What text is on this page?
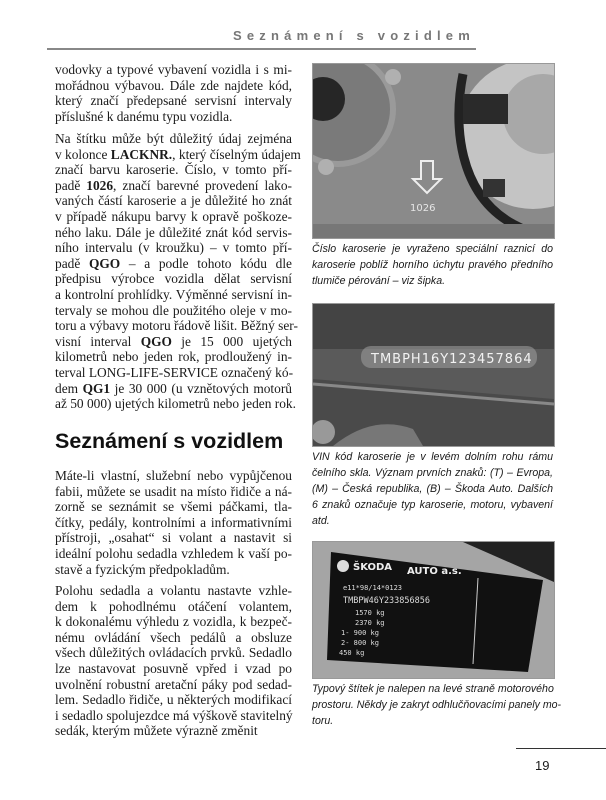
Seznámení s vozidlem
vodovky a typové vybavení vozidla i s mi-
mořádnou výbavou. Dále zde najdete kód,
který značí předepsané servisní intervaly
příslušné k danému typu vozidla.
Na štítku může být důležitý údaj zejména
v kolonce LACKNR., který číselným údajem
značí barvu karoserie. Číslo, v tomto pří-
padě 1026, značí barevné provedení lako-
vaných částí karoserie a je důležité ho znát
v případě nákupu barvy k opravě poškoze-
ného laku. Dále je důležité znát kód servis-
ního intervalu (v kroužku) – v tomto pří-
padě QGO – a podle tohoto kódu dle
předpisu výrobce vozidla dělat servisní
a kontrolní prohlídky. Výměnné servisní in-
tervaly se mohou dle použitého oleje v mo-
toru a výbavy motoru řádově lišit. Běžný ser-
visní interval QGO je 15 000 ujetých
kilometrů nebo jeden rok, prodloužený in-
terval LONG-LIFE-SERVICE označený kó-
dem QG1 je 30 000 (u vznětových motorů
až 50 000) ujetých kilometrů nebo jeden rok.
Seznámení s vozidlem
Máte-li vlastní, služební nebo vypůjčenou
fabii, můžete se usadit na místo řidiče a ná-
zorně se seznámit se všemi páčkami, tla-
čítky, pedály, kontrolními a informativními
přístroji, „osahat“ si volant a nastavit si
ideální polohu sedadla vzhledem k vaší po-
stavě a fyzickým předpokladům.
Polohu sedadla a volantu nastavte vzhle-
dem k pohodlnému otáčení volantem,
k dokonalému výhledu z vozidla, k bezpeč-
nému ovládání všech pedálů a obsluze
všech důležitých ovládacích prvků. Sedadlo
lze nastavovat posuvně vpřed i vzad po
uvolnění robustní aretační páky pod sedad-
lem. Sedadlo řidiče, u některých modifikací
i sedadlo spolujezdce má výškově stavitelný
sedák, kterým můžete výrazně změnit
1026
Číslo karoserie je vyraženo speciální raznicí do
karoserie poblíž horního úchytu pravého předního
tlumiče pérování – viz šipka.
TMBPH16Y123457864
VIN kód karoserie je v levém dolním rohu rámu
čelního skla. Význam prvních znaků: (T) – Evropa,
(M) – Česká republika, (B) – Škoda Auto. Dalších
6 znaků označuje typ karoserie, motoru, vybavení
atd.
ŠKODA AUTO a.s.
e11*98/14*0123
TMBPW46Y233856856
1570 kg
2370 kg
1- 900 kg
2- 800 kg
450 kg
Typový štítek je nalepen na levé straně motorového
prostoru. Někdy je zakryt odhlučňovacími panely mo-
toru.
19
